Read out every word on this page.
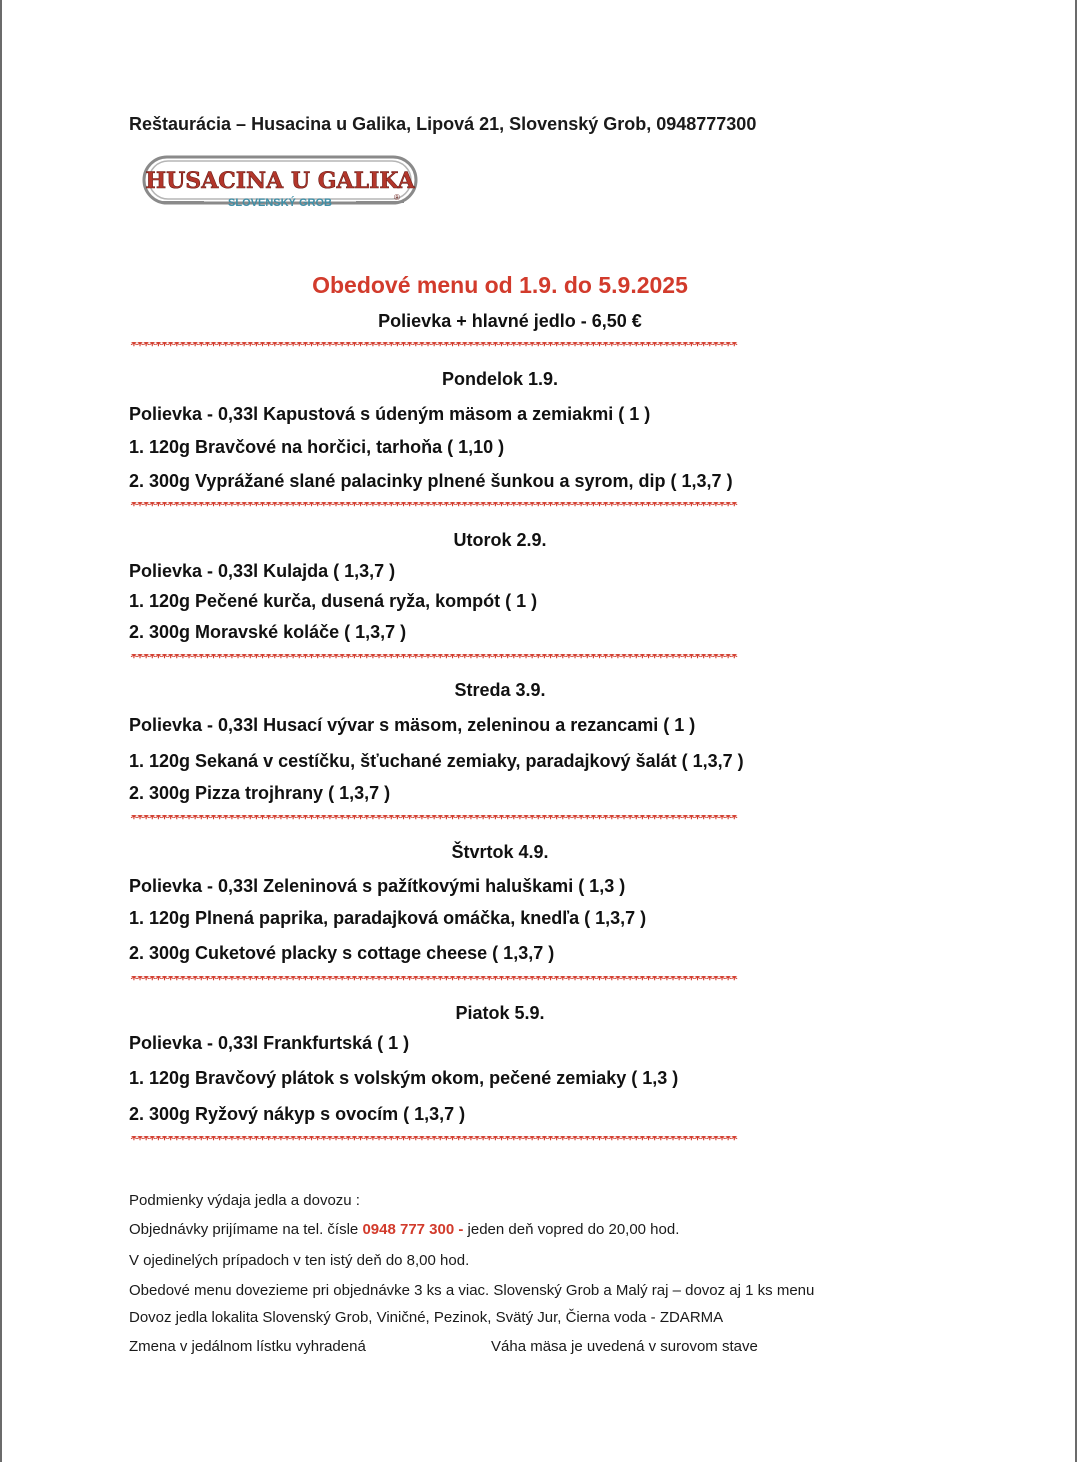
Reštaurácia – Husacina u Galika, Lipová 21, Slovenský Grob, 0948777300
HUSACINA U GALIKA
SLOVENSKÝ GROB	®
Obedové menu od 1.9. do 5.9.2025
Polievka + hlavné jedlo - 6,50 €
***************************************************************************************************
Pondelok 1.9.
Polievka - 0,33l Kapustová s údeným mäsom a zemiakmi ( 1 )
1. 120g Bravčové na horčici, tarhoňa ( 1,10 )
2. 300g Vyprážané slané palacinky plnené šunkou a syrom, dip ( 1,3,7 )
***************************************************************************************************
Utorok 2.9.
Polievka - 0,33l Kulajda ( 1,3,7 )
1. 120g Pečené kurča, dusená ryža, kompót ( 1 )
2. 300g Moravské koláče ( 1,3,7 )
***************************************************************************************************
Streda 3.9.
Polievka - 0,33l Husací vývar s mäsom, zeleninou a rezancami ( 1 )
1. 120g Sekaná v cestíčku, šťuchané zemiaky, paradajkový šalát ( 1,3,7 )
2. 300g Pizza trojhrany ( 1,3,7 )
***************************************************************************************************
Štvrtok 4.9.
Polievka - 0,33l Zeleninová s pažítkovými haluškami ( 1,3 )
1. 120g Plnená paprika, paradajková omáčka, knedľa ( 1,3,7 )
2. 300g Cuketové placky s cottage cheese ( 1,3,7 )
***************************************************************************************************
Piatok 5.9.
Polievka - 0,33l Frankfurtská ( 1 )
1. 120g Bravčový plátok s volským okom, pečené zemiaky ( 1,3 )
2. 300g Ryžový nákyp s ovocím ( 1,3,7 )
***************************************************************************************************
Podmienky výdaja jedla a dovozu :
Objednávky prijímame na tel. čísle 0948 777 300 - jeden deň vopred do 20,00 hod.
V ojedinelých prípadoch v ten istý deň do 8,00 hod.
Obedové menu dovezieme pri objednávke 3 ks a viac. Slovenský Grob a Malý raj – dovoz aj 1 ks menu
Dovoz jedla lokalita Slovenský Grob, Viničné, Pezinok, Svätý Jur, Čierna voda - ZDARMA
Zmena v jedálnom lístku vyhradená	Váha mäsa je uvedená v surovom stave
